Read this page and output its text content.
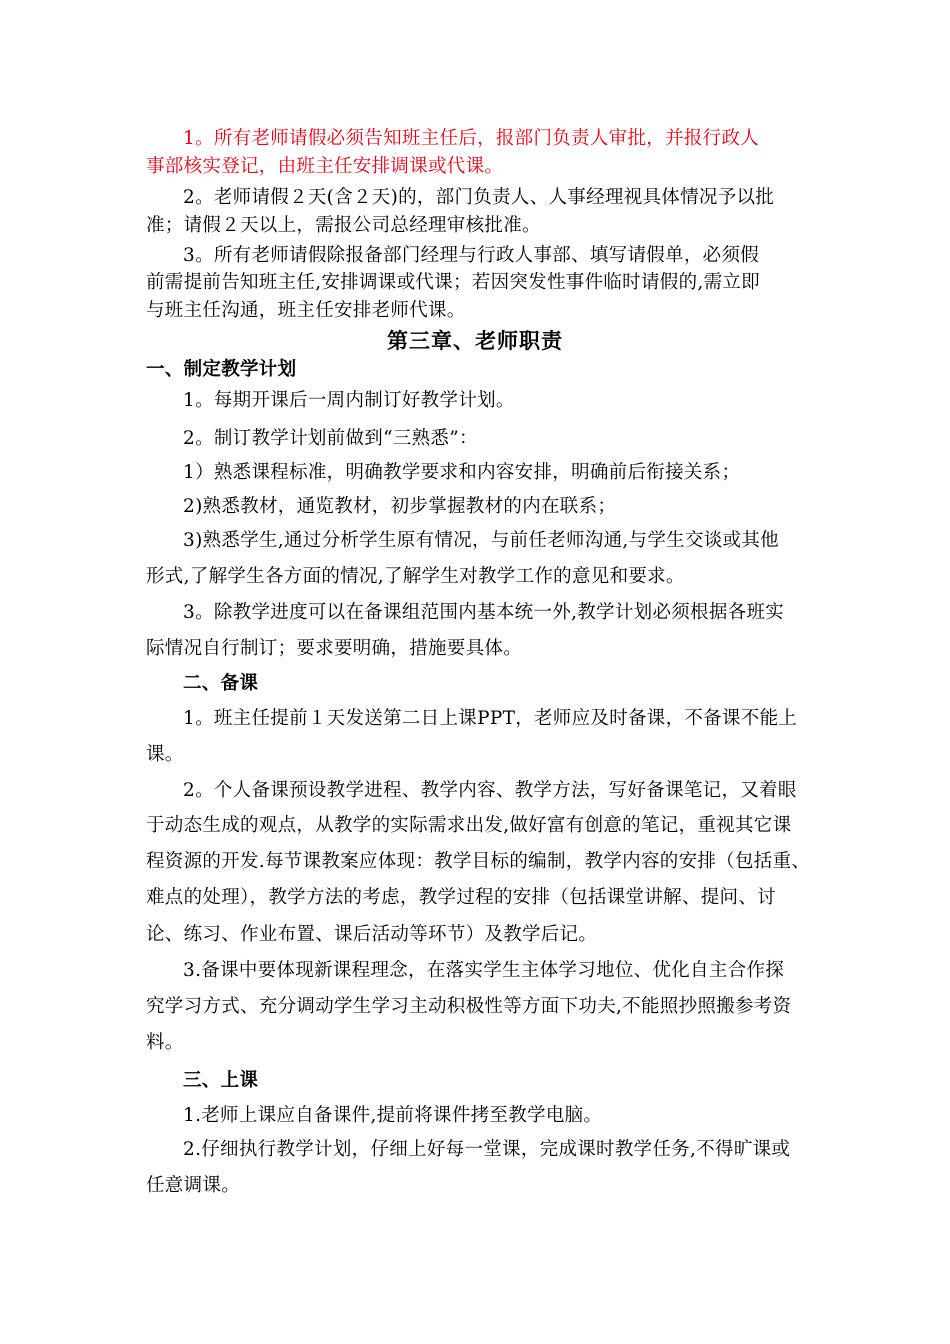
1。所有老师请假必须告知班主任后，报部门负责人审批，并报行政人
事部核实登记，由班主任安排调课或代课。
2。老师请假２天(含２天)的，部门负责人、人事经理视具体情况予以批
准；请假２天以上，需报公司总经理审核批准。
3。所有老师请假除报备部门经理与行政人事部、填写请假单，必须假
前需提前告知班主任,安排调课或代课；若因突发性事件临时请假的,需立即
与班主任沟通，班主任安排老师代课。
第三章、老师职责
一、制定教学计划
1。每期开课后一周内制订好教学计划。
2。制订教学计划前做到“三熟悉”：
1）熟悉课程标准，明确教学要求和内容安排，明确前后衔接关系；
2)熟悉教材，通览教材，初步掌握教材的内在联系；
3)熟悉学生,通过分析学生原有情况，与前任老师沟通,与学生交谈或其他
形式,了解学生各方面的情况,了解学生对教学工作的意见和要求。
3。除教学进度可以在备课组范围内基本统一外,教学计划必须根据各班实
际情况自行制订；要求要明确，措施要具体。
二、备课
1。班主任提前１天发送第二日上课PPT，老师应及时备课，不备课不能上
课。
2。个人备课预设教学进程、教学内容、教学方法，写好备课笔记，又着眼
于动态生成的观点，从教学的实际需求出发,做好富有创意的笔记，重视其它课
程资源的开发.每节课教案应体现：教学目标的编制，教学内容的安排（包括重、
难点的处理），教学方法的考虑，教学过程的安排（包括课堂讲解、提问、讨
论、练习、作业布置、课后活动等环节）及教学后记。
3.备课中要体现新课程理念，在落实学生主体学习地位、优化自主合作探
究学习方式、充分调动学生学习主动积极性等方面下功夫,不能照抄照搬参考资
料。
三、上课
1.老师上课应自备课件,提前将课件拷至教学电脑。
2.仔细执行教学计划，仔细上好每一堂课，完成课时教学任务,不得旷课或
任意调课。
